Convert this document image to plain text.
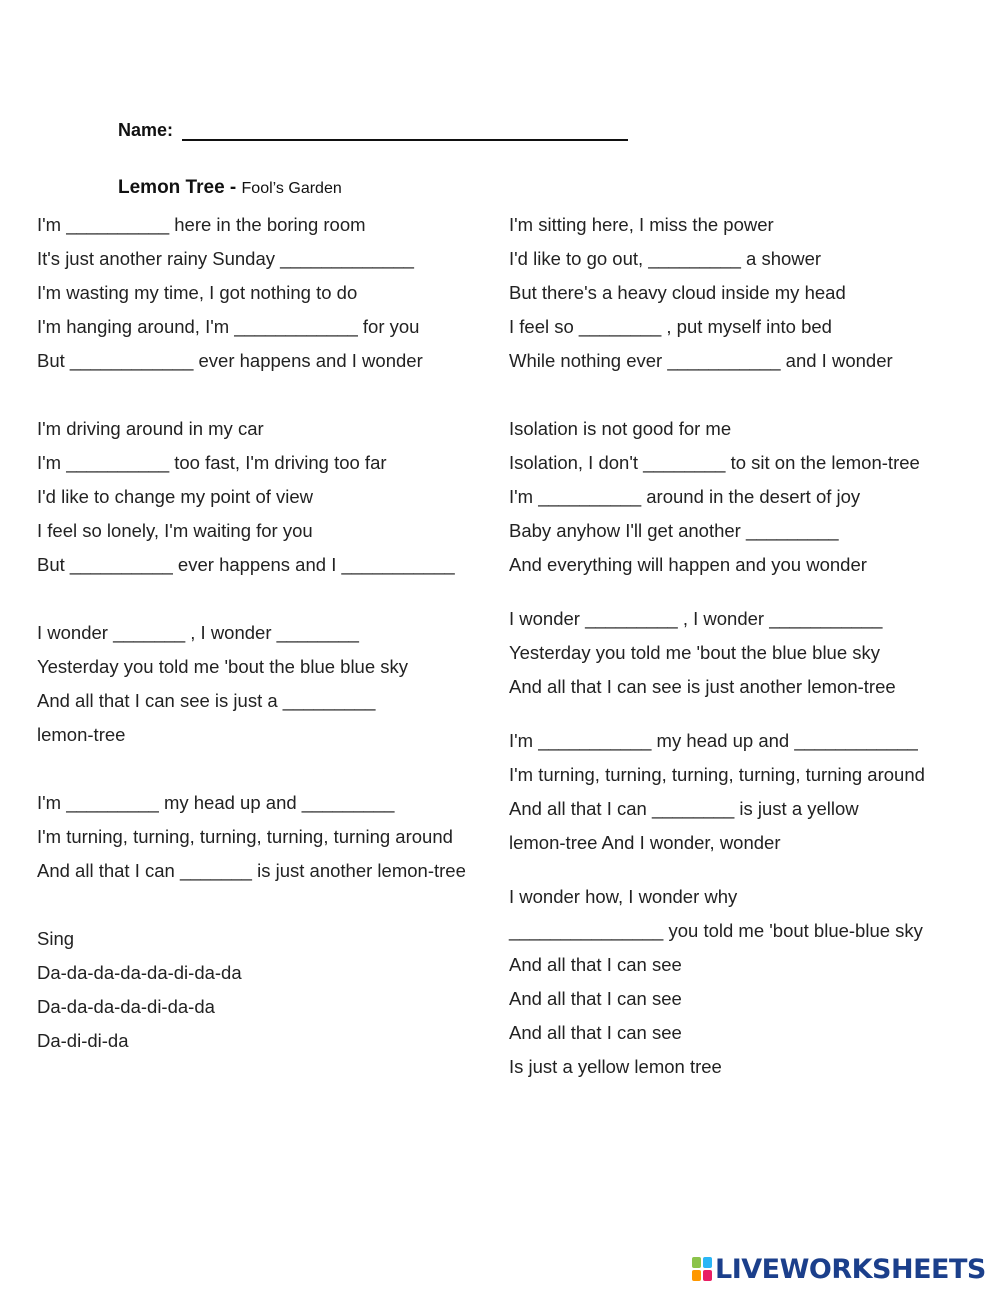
Name:
Lemon Tree - Fool’s Garden
I'm __________ here in the boring room
It's just another rainy Sunday _____________
I'm wasting my time, I got nothing to do
I'm hanging around, I'm ____________ for you
But ____________ ever happens and I wonder
I'm driving around in my car
I'm __________ too fast, I'm driving too far
I'd like to change my point of view
I feel so lonely, I'm waiting for you
But __________ ever happens and I ___________
I wonder _______ , I wonder ________
Yesterday you told me 'bout the blue blue sky
And all that I can see is just a _________
lemon-tree
I'm _________ my head up and _________
I'm turning, turning, turning, turning, turning around
And all that I can _______ is just another lemon-tree
Sing
Da-da-da-da-da-di-da-da
Da-da-da-da-di-da-da
Da-di-di-da
I'm sitting here, I miss the power
I'd like to go out, _________ a shower
But there's a heavy cloud inside my head
I feel so ________ , put myself into bed
While nothing ever ___________ and I wonder
Isolation is not good for me
Isolation, I don't ________ to sit on the lemon-tree
I'm __________ around in the desert of joy
Baby anyhow I'll get another _________
And everything will happen and you wonder
I wonder _________ , I wonder ___________
Yesterday you told me 'bout the blue blue sky
And all that I can see is just another lemon-tree
I'm ___________ my head up and ____________
I'm turning, turning, turning, turning, turning around
And all that I can ________ is just a yellow
lemon-tree And I wonder, wonder
I wonder how, I wonder why
_______________ you told me 'bout blue-blue sky
And all that I can see
And all that I can see
And all that I can see
Is just a yellow lemon tree
LIVEWORKSHEETS
